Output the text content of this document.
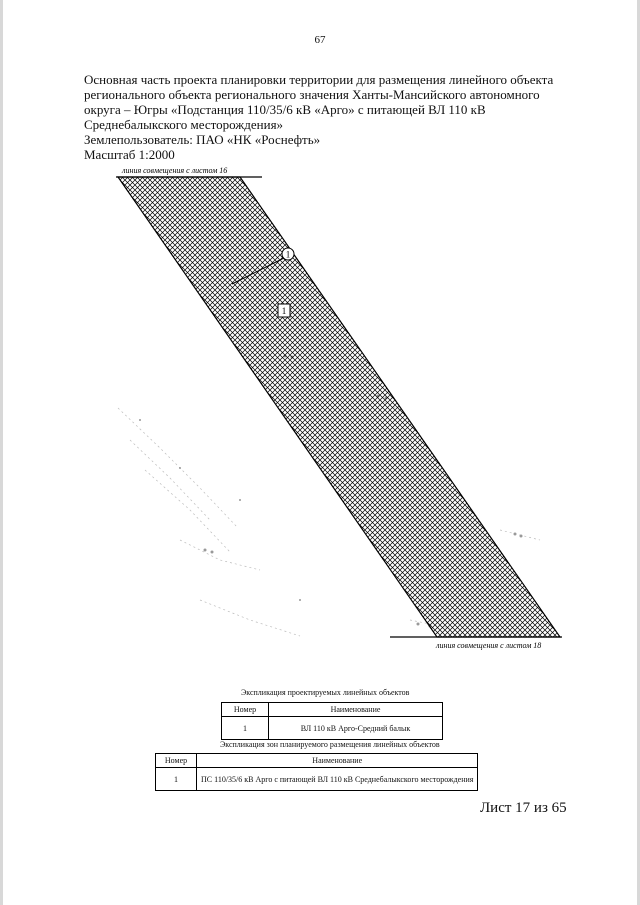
67
Основная часть проекта планировки территории для размещения линейного объекта
регионального объекта регионального значения Ханты-Мансийского автономного
округа – Югры «Подстанция 110/35/6 кВ «Арго» с питающей ВЛ 110 кВ
Среднебалыкского месторождения»
Землепользователь: ПАО «НК «Роснефть»
Масштаб 1:2000
линия совмещения с листом 16
линия совмещения с листом 18
1
1
Экспликация проектируемых линейных объектов
Номер	Наименование
1	ВЛ 110 кВ Арго-Средний балык
Экспликация зон планируемого размещения линейных объектов
Номер	Наименование
1	ПС 110/35/6 кВ Арго с питающей ВЛ 110 кВ Среднебалыкского месторождения
Лист 17 из 65
